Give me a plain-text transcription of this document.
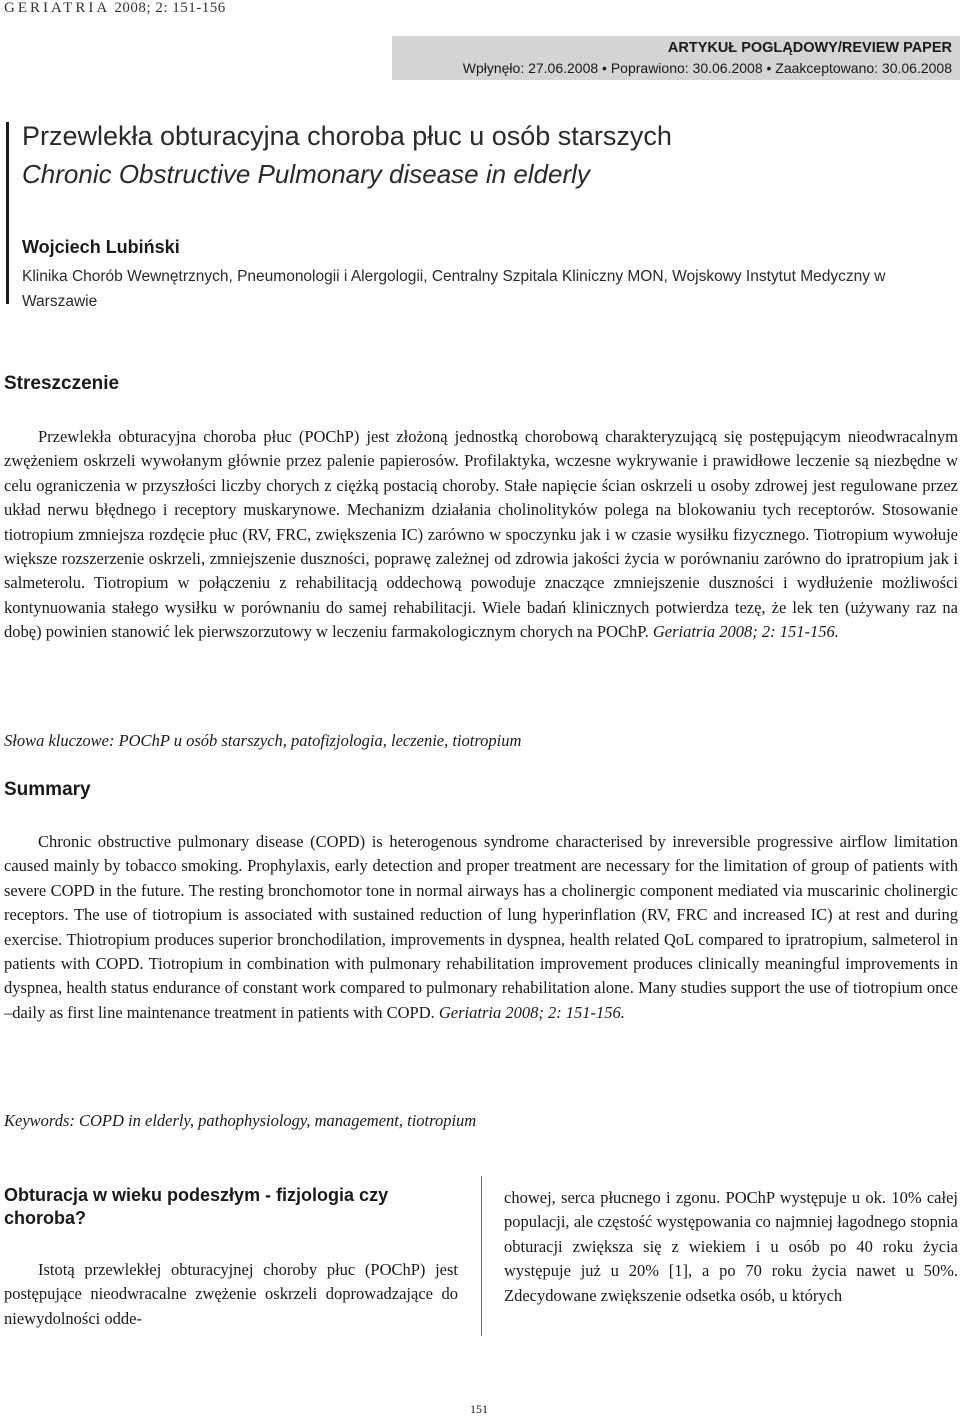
GERIATRIA 2008; 2: 151-156
ARTYKUŁ POGLĄDOWY/REVIEW PAPER
Wpłynęło: 27.06.2008 • Poprawiono: 30.06.2008 • Zaakceptowano: 30.06.2008
Przewlekła obturacyjna choroba płuc u osób starszych
Chronic Obstructive Pulmonary disease in elderly
Wojciech Lubiński
Klinika Chorób Wewnętrznych, Pneumonologii i Alergologii, Centralny Szpitala Kliniczny MON, Wojskowy Instytut Medyczny w Warszawie
Streszczenie

Przewlekła obturacyjna choroba płuc (POChP) jest złożoną jednostką chorobową charakteryzującą się postępującym nieodwracalnym zwężeniem oskrzeli wywołanym głównie przez palenie papierosów. Profilaktyka, wczesne wykrywanie i prawidłowe leczenie są niezbędne w celu ograniczenia w przyszłości liczby chorych z ciężką postacią choroby. Stałe napięcie ścian oskrzeli u osoby zdrowej jest regulowane przez układ nerwu błędnego i receptory muskarynowe. Mechanizm działania cholinolityków polega na blokowaniu tych receptorów. Stosowanie tiotropium zmniejsza rozdęcie płuc (RV, FRC, zwiększenia IC) zarówno w spoczynku jak i w czasie wysiłku fizycznego. Tiotropium wywołuje większe rozszerzenie oskrzeli, zmniejszenie duszności, poprawę zależnej od zdrowia jakości życia w porównaniu zarówno do ipratropium jak i salmeterolu. Tiotropium w połączeniu z rehabilitacją oddechową powoduje znaczące zmniejszenie duszności i wydłużenie możliwości kontynuowania stałego wysiłku w porównaniu do samej rehabilitacji. Wiele badań klinicznych potwierdza tezę, że lek ten (używany raz na dobę) powinien stanowić lek pierwszorzutowy w leczeniu farmakologicznym chorych na POChP. Geriatria 2008; 2: 151-156.

Słowa kluczowe: POChP u osób starszych, patofizjologia, leczenie, tiotropium
Summary

Chronic obstructive pulmonary disease (COPD) is heterogenous syndrome characterised by inreversible progressive airflow limitation caused mainly by tobacco smoking. Prophylaxis, early detection and proper treatment are necessary for the limitation of group of patients with severe COPD in the future. The resting bronchomotor tone in normal airways has a cholinergic component mediated via muscarinic cholinergic receptors. The use of tiotropium is associated with sustained reduction of lung hyperinflation (RV, FRC and increased IC) at rest and during exercise. Thiotropium produces superior bronchodilation, improvements in dyspnea, health related QoL compared to ipratropium, salmeterol in patients with COPD. Tiotropium in combination with pulmonary rehabilitation improvement produces clinically meaningful improvements in dyspnea, health status endurance of constant work compared to pulmonary rehabilitation alone. Many studies support the use of tiotropium once –daily as first line maintenance treatment in patients with COPD. Geriatria 2008; 2: 151-156.

Keywords: COPD in elderly, pathophysiology, management, tiotropium
Obturacja w wieku podeszłym - fizjologia czy choroba?

Istotą przewlekłej obturacyjnej choroby płuc (POChP) jest postępujące nieodwracalne zwężenie oskrzeli doprowadzające do niewydolności odde-

chowej, serca płucnego i zgonu. POChP występuje u ok. 10% całej populacji, ale częstość występowania co najmniej łagodnego stopnia obturacji zwiększa się z wiekiem i u osób po 40 roku życia występuje już u 20% [1], a po 70 roku życia nawet u 50%. Zdecydowane zwiększenie odsetka osób, u których

151
